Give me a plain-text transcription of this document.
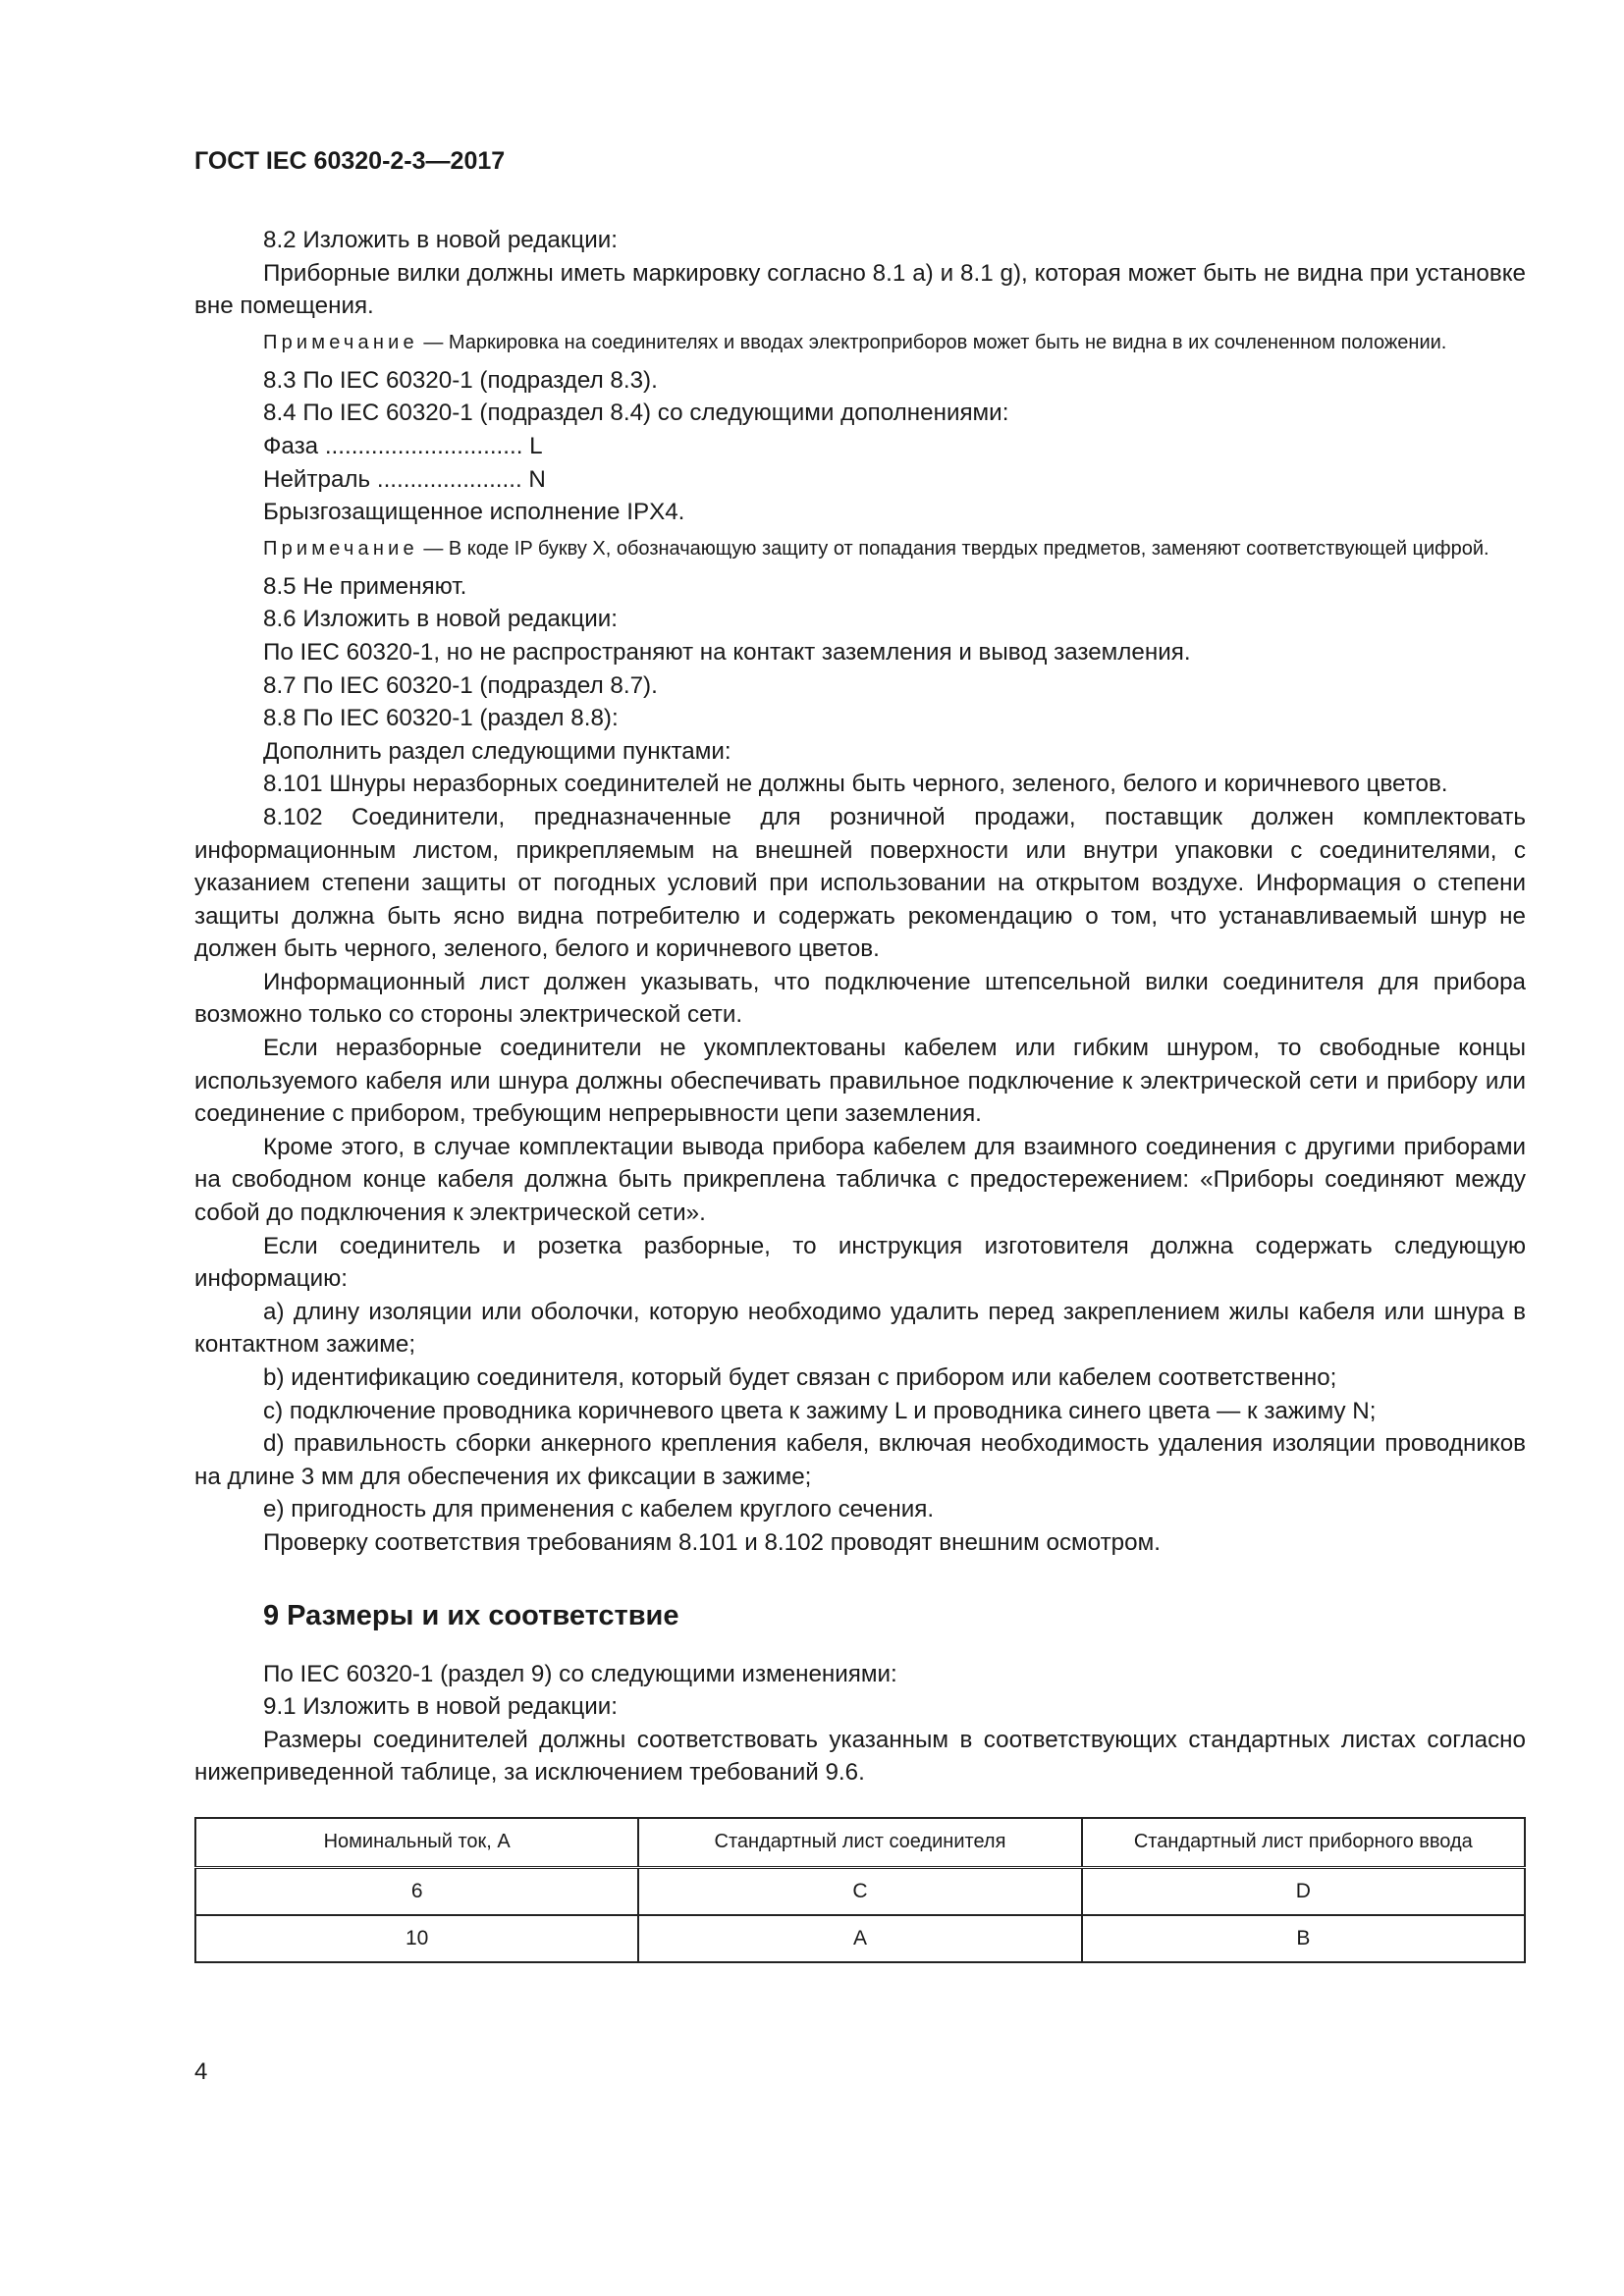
ГОСТ IEC 60320-2-3—2017

8.2 Изложить в новой редакции:

Приборные вилки должны иметь маркировку согласно 8.1 а) и 8.1 g), которая может быть не видна при установке вне помещения.

Примечание — Маркировка на соединителях и вводах электроприборов может быть не видна в их сочлененном положении.

8.3 По IEC 60320-1 (подраздел 8.3).

8.4 По IEC 60320-1 (подраздел 8.4) со следующими дополнениями:

Фаза .............................. L

Нейтраль ...................... N

Брызгозащищенное исполнение IPX4.

Примечание — В коде IP букву X, обозначающую защиту от попадания твердых предметов, заменяют соответствующей цифрой.

8.5 Не применяют.

8.6 Изложить в новой редакции:

По IEC 60320-1, но не распространяют на контакт заземления и вывод заземления.

8.7 По IEC 60320-1 (подраздел 8.7).

8.8 По IEC 60320-1 (раздел 8.8):

Дополнить раздел следующими пунктами:

8.101 Шнуры неразборных соединителей не должны быть черного, зеленого, белого и коричневого цветов.

8.102 Соединители, предназначенные для розничной продажи, поставщик должен комплектовать информационным листом, прикрепляемым на внешней поверхности или внутри упаковки с соединителями, с указанием степени защиты от погодных условий при использовании на открытом воздухе. Информация о степени защиты должна быть ясно видна потребителю и содержать рекомендацию о том, что устанавливаемый шнур не должен быть черного, зеленого, белого и коричневого цветов.

Информационный лист должен указывать, что подключение штепсельной вилки соединителя для прибора возможно только со стороны электрической сети.

Если неразборные соединители не укомплектованы кабелем или гибким шнуром, то свободные концы используемого кабеля или шнура должны обеспечивать правильное подключение к электрической сети и прибору или соединение с прибором, требующим непрерывности цепи заземления.

Кроме этого, в случае комплектации вывода прибора кабелем для взаимного соединения с другими приборами на свободном конце кабеля должна быть прикреплена табличка с предостережением: «Приборы соединяют между собой до подключения к электрической сети».

Если соединитель и розетка разборные, то инструкция изготовителя должна содержать следующую информацию:

a) длину изоляции или оболочки, которую необходимо удалить перед закреплением жилы кабеля или шнура в контактном зажиме;

b) идентификацию соединителя, который будет связан с прибором или кабелем соответственно;

c) подключение проводника коричневого цвета к зажиму L и проводника синего цвета — к зажиму N;

d) правильность сборки анкерного крепления кабеля, включая необходимость удаления изоляции проводников на длине 3 мм для обеспечения их фиксации в зажиме;

e) пригодность для применения с кабелем круглого сечения.

Проверку соответствия требованиям 8.101 и 8.102 проводят внешним осмотром.

9 Размеры и их соответствие

По IEC 60320-1 (раздел 9) со следующими изменениями:

9.1 Изложить в новой редакции:

Размеры соединителей должны соответствовать указанным в соответствующих стандартных листах согласно нижеприведенной таблице, за исключением требований 9.6.

Номинальный ток, А	Стандартный лист соединителя	Стандартный лист приборного ввода
6	C	D
10	A	B
4
